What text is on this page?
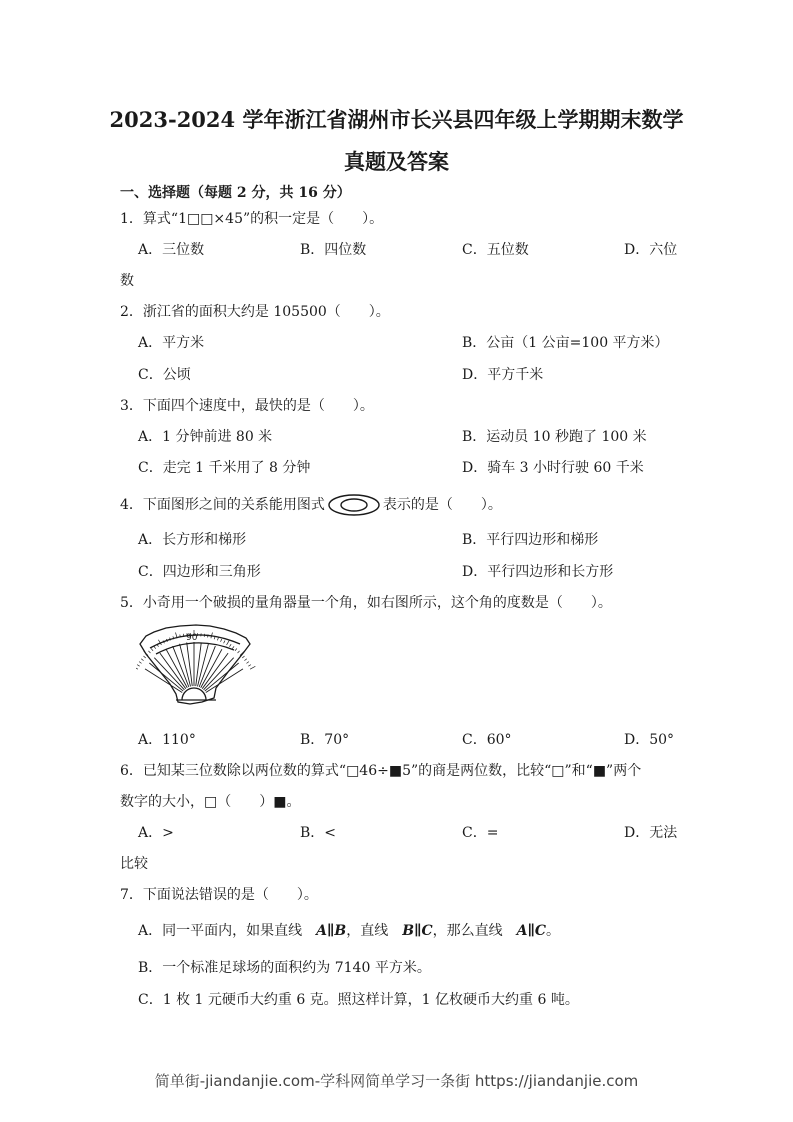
2023-2024 学年浙江省湖州市长兴县四年级上学期期末数学
真题及答案
一、选择题（每题 2 分，共 16 分）
1．算式“1□□×45”的积一定是（　　）。
A．三位数	B．四位数	C．五位数	D．六位
数
2．浙江省的面积大约是 105500（　　）。
A．平方米	B．公亩（1 公亩=100 平方米）
C．公顷	D．平方千米
3．下面四个速度中，最快的是（　　）。
A．1 分钟前进 80 米	B．运动员 10 秒跑了 100 米
C．走完 1 千米用了 8 分钟	D．骑车 3 小时行驶 60 千米
4．下面图形之间的关系能用图式	表示的是（　　）。
A．长方形和梯形	B．平行四边形和梯形
C．四边形和三角形	D．平行四边形和长方形
5．小奇用一个破损的量角器量一个角，如右图所示，这个角的度数是（　　）。
90
A．110°	B．70°	C．60°	D．50°
6．已知某三位数除以两位数的算式“□46÷■5”的商是两位数，比较“□”和“■”两个
数字的大小，□（　　）■。
A．>	B．<	C．=	D．无法
比较
7．下面说法错误的是（　　）。
A．同一平面内，如果直线　A∥B，直线　B∥C，那么直线　A∥C。
B．一个标准足球场的面积约为 7140 平方米。
C．1 枚 1 元硬币大约重 6 克。照这样计算，1 亿枚硬币大约重 6 吨。
简单街-jiandanjie.com-学科网简单学习一条街 https://jiandanjie.com
